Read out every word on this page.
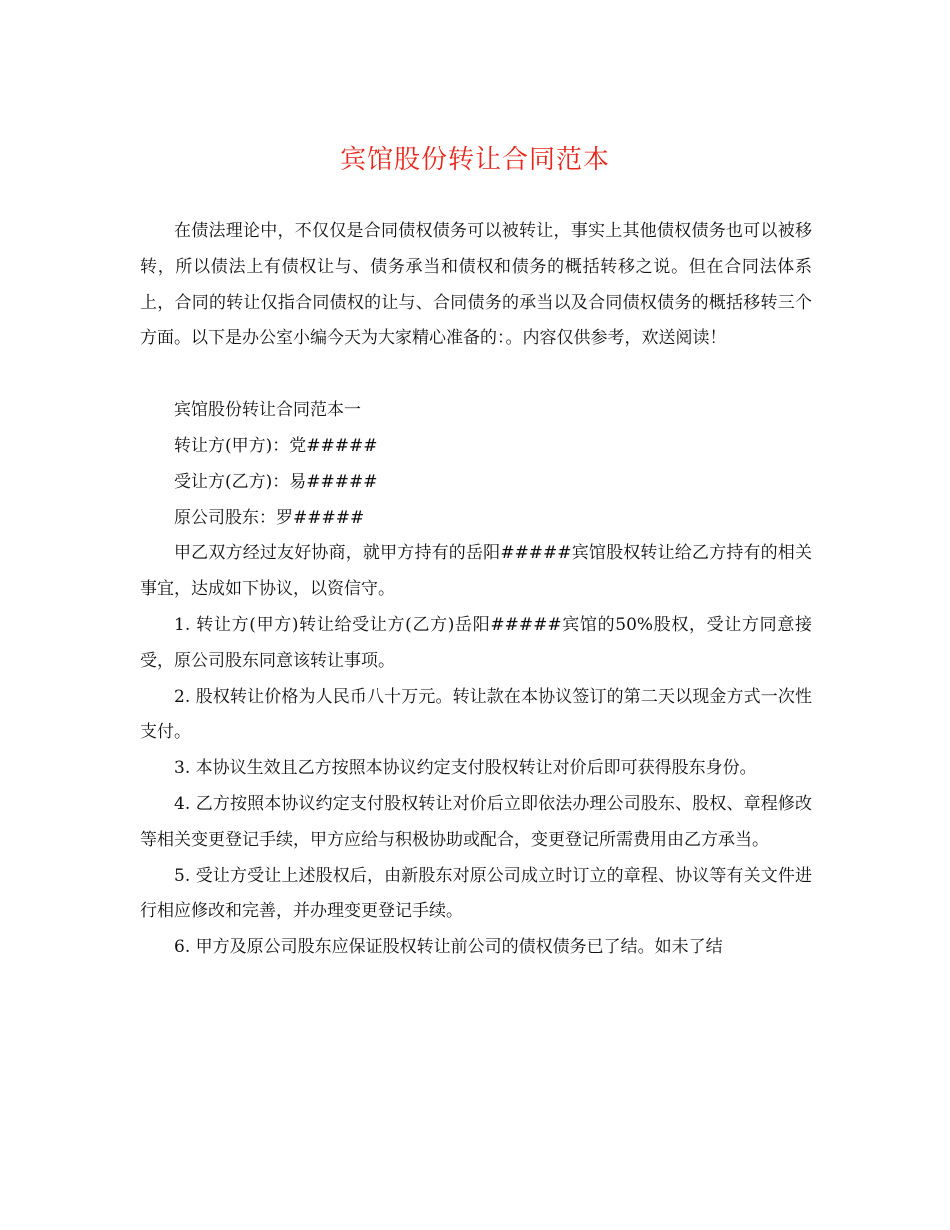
宾馆股份转让合同范本

在债法理论中，不仅仅是合同债权债务可以被转让，事实上其他债权债务也可以被移转，所以债法上有债权让与、债务承当和债权和债务的概括转移之说。但在合同法体系上，合同的转让仅指合同债权的让与、合同债务的承当以及合同债权债务的概括移转三个方面。以下是办公室小编今天为大家精心准备的：。内容仅供参考，欢送阅读！

宾馆股份转让合同范本一

转让方(甲方)：党#####

受让方(乙方)：易#####

原公司股东：罗#####

甲乙双方经过友好协商，就甲方持有的岳阳#####宾馆股权转让给乙方持有的相关事宜，达成如下协议，以资信守。

1. 转让方(甲方)转让给受让方(乙方)岳阳#####宾馆的50%股权，受让方同意接受，原公司股东同意该转让事项。

2. 股权转让价格为人民币八十万元。转让款在本协议签订的第二天以现金方式一次性支付。

3. 本协议生效且乙方按照本协议约定支付股权转让对价后即可获得股东身份。

4. 乙方按照本协议约定支付股权转让对价后立即依法办理公司股东、股权、章程修改等相关变更登记手续，甲方应给与积极协助或配合，变更登记所需费用由乙方承当。

5. 受让方受让上述股权后，由新股东对原公司成立时订立的章程、协议等有关文件进行相应修改和完善，并办理变更登记手续。

6. 甲方及原公司股东应保证股权转让前公司的债权债务已了结。如未了结
